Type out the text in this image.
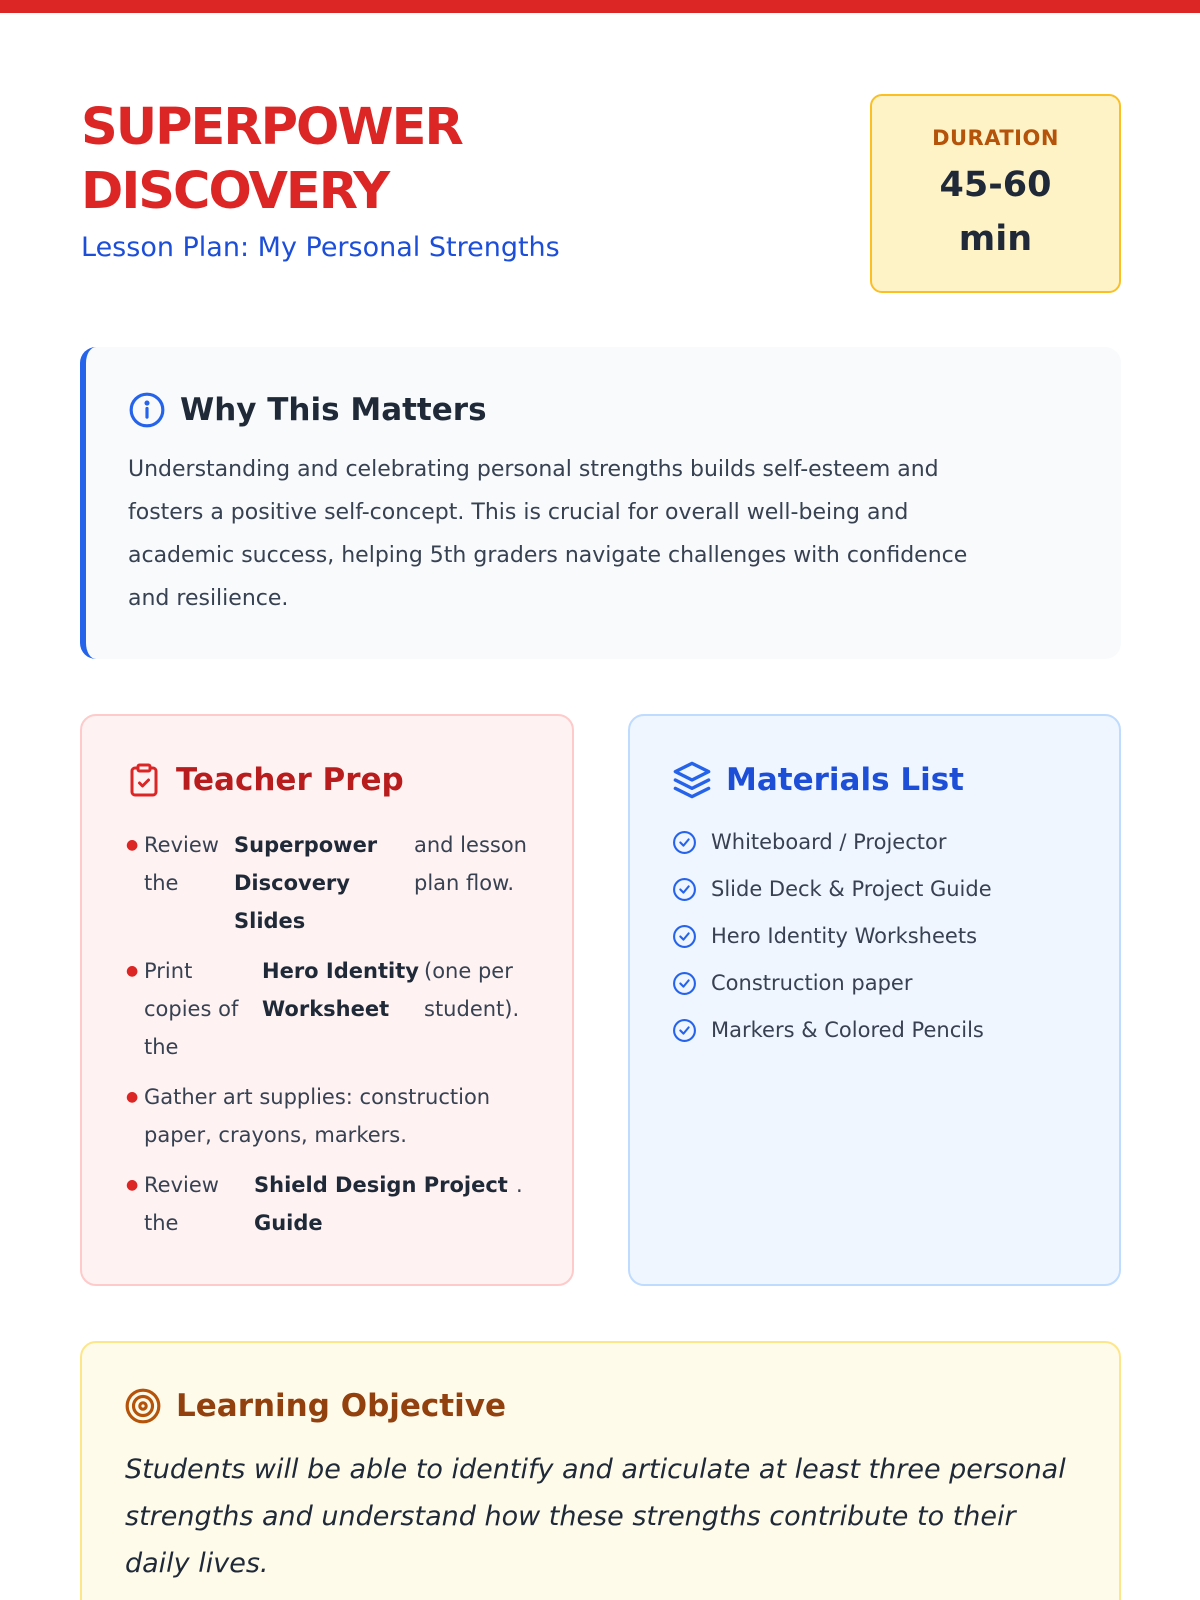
SUPERPOWER DISCOVERY
Lesson Plan: My Personal Strengths
DURATION
45-60 min
Why This Matters

Understanding and celebrating personal strengths builds self-esteem and fosters a positive self-concept. This is crucial for overall well-being and academic success, helping 5th graders navigate challenges with confidence and resilience.

Teacher Prep
● Review the
Superpower Discovery Slides
and lesson plan flow.
● Print copies of the
Hero Identity Worksheet
(one per student).
● Gather art supplies: construction paper, crayons, markers.
● Review the
Shield Design Project Guide
.
Materials List
Whiteboard / Projector
Slide Deck & Project Guide
Hero Identity Worksheets
Construction paper
Markers & Colored Pencils
Learning Objective

Students will be able to identify and articulate at least three personal strengths and understand how these strengths contribute to their daily lives.
